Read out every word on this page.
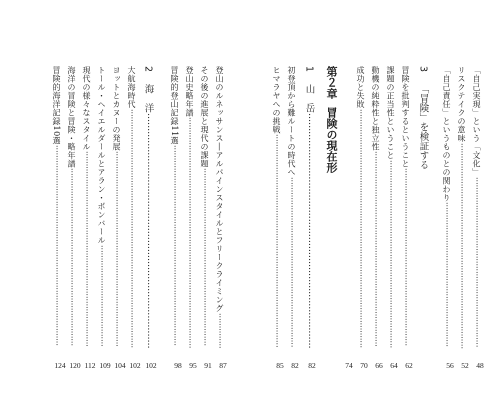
「自己実現」という「文化」···································································
48
リスクテイクの意味·················································································
52
「自己責任」というものとの関わり·························································
56
3「冒険」を検証する
冒険を批判するということ······································································
62
課題の正当性ということ··········································································
64
動機の純粋性と独立性·············································································
66
成功と失敗······························································································
70
74
第２章冒険の現在形
1山　岳··············································································
82
初登頂から難ルートの時代へ···································································
82
ヒマラヤへの挑戦····················································································
85
登山のルネッサンス―アルパインスタイルとフリークライミング··············
87
その後の進展と現代の課題······································································
91
登山史略年譜···························································································
95
冒険的登山記録11選···············································································
98
2海　洋··············································································
102
大航海時代······························································································
102
ヨットとカヌーの発展·············································································
104
トール・ヘイエルダールとアラン・ボンバール········································
109
現代の様々なスタイル·············································································
112
海洋の冒険と冒険・略年譜······································································
120
冒険的海洋記録10選···············································································
124
